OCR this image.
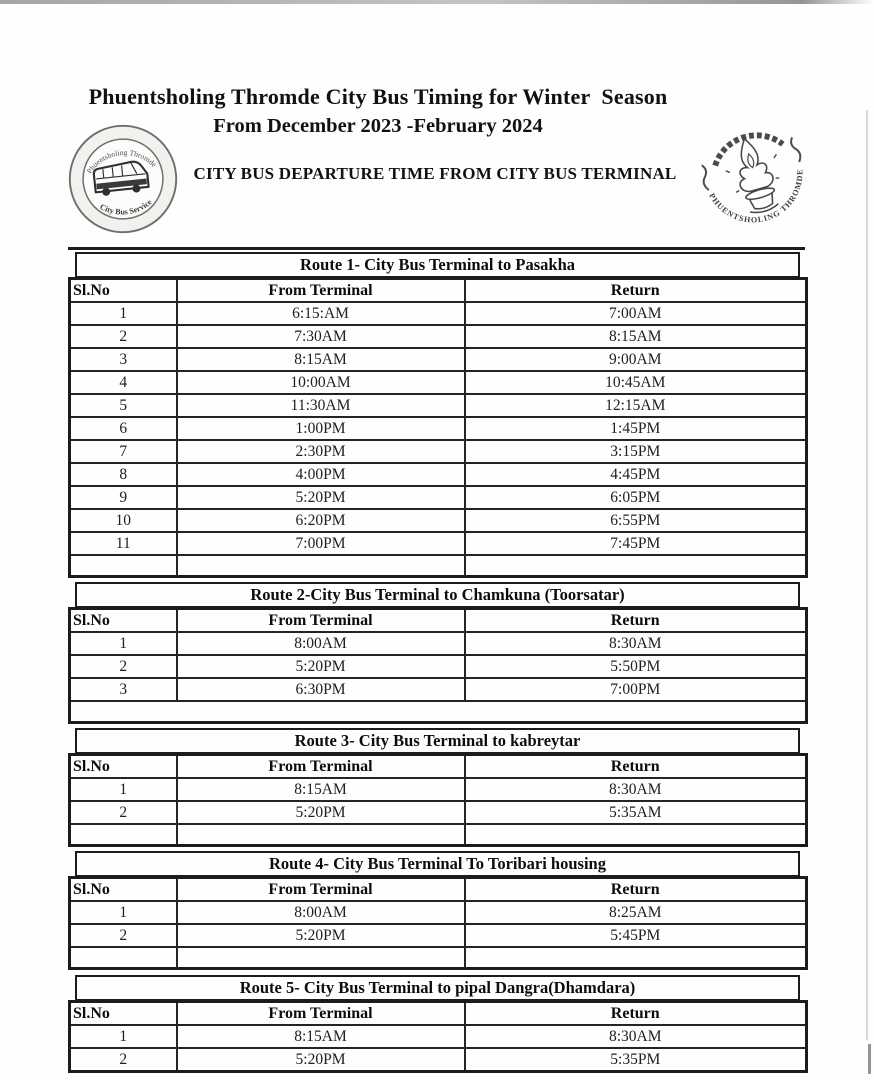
Phuentsholing Thromde City Bus Timing for Winter  Season
From December 2023 -February 2024
CITY BUS DEPARTURE TIME FROM CITY BUS TERMINAL
Phuentsholing Thromde
City Bus Service
PHUENTSHOLING THROMDE
Route 1- City Bus Terminal to Pasakha
Sl.No	From Terminal	Return
1	6:15:AM	7:00AM
2	7:30AM	8:15AM
3	8:15AM	9:00AM
4	10:00AM	10:45AM
5	11:30AM	12:15AM
6	1:00PM	1:45PM
7	2:30PM	3:15PM
8	4:00PM	4:45PM
9	5:20PM	6:05PM
10	6:20PM	6:55PM
11	7:00PM	7:45PM

Route 2-City Bus Terminal to Chamkuna (Toorsatar)
Sl.No	From Terminal	Return
1	8:00AM	8:30AM
2	5:20PM	5:50PM
3	6:30PM	7:00PM

Route 3- City Bus Terminal to kabreytar
Sl.No	From Terminal	Return
1	8:15AM	8:30AM
2	5:20PM	5:35AM

Route 4- City Bus Terminal To Toribari housing
Sl.No	From Terminal	Return
1	8:00AM	8:25AM
2	5:20PM	5:45PM

Route 5- City Bus Terminal to pipal Dangra(Dhamdara)
Sl.No	From Terminal	Return
1	8:15AM	8:30AM
2	5:20PM	5:35PM
